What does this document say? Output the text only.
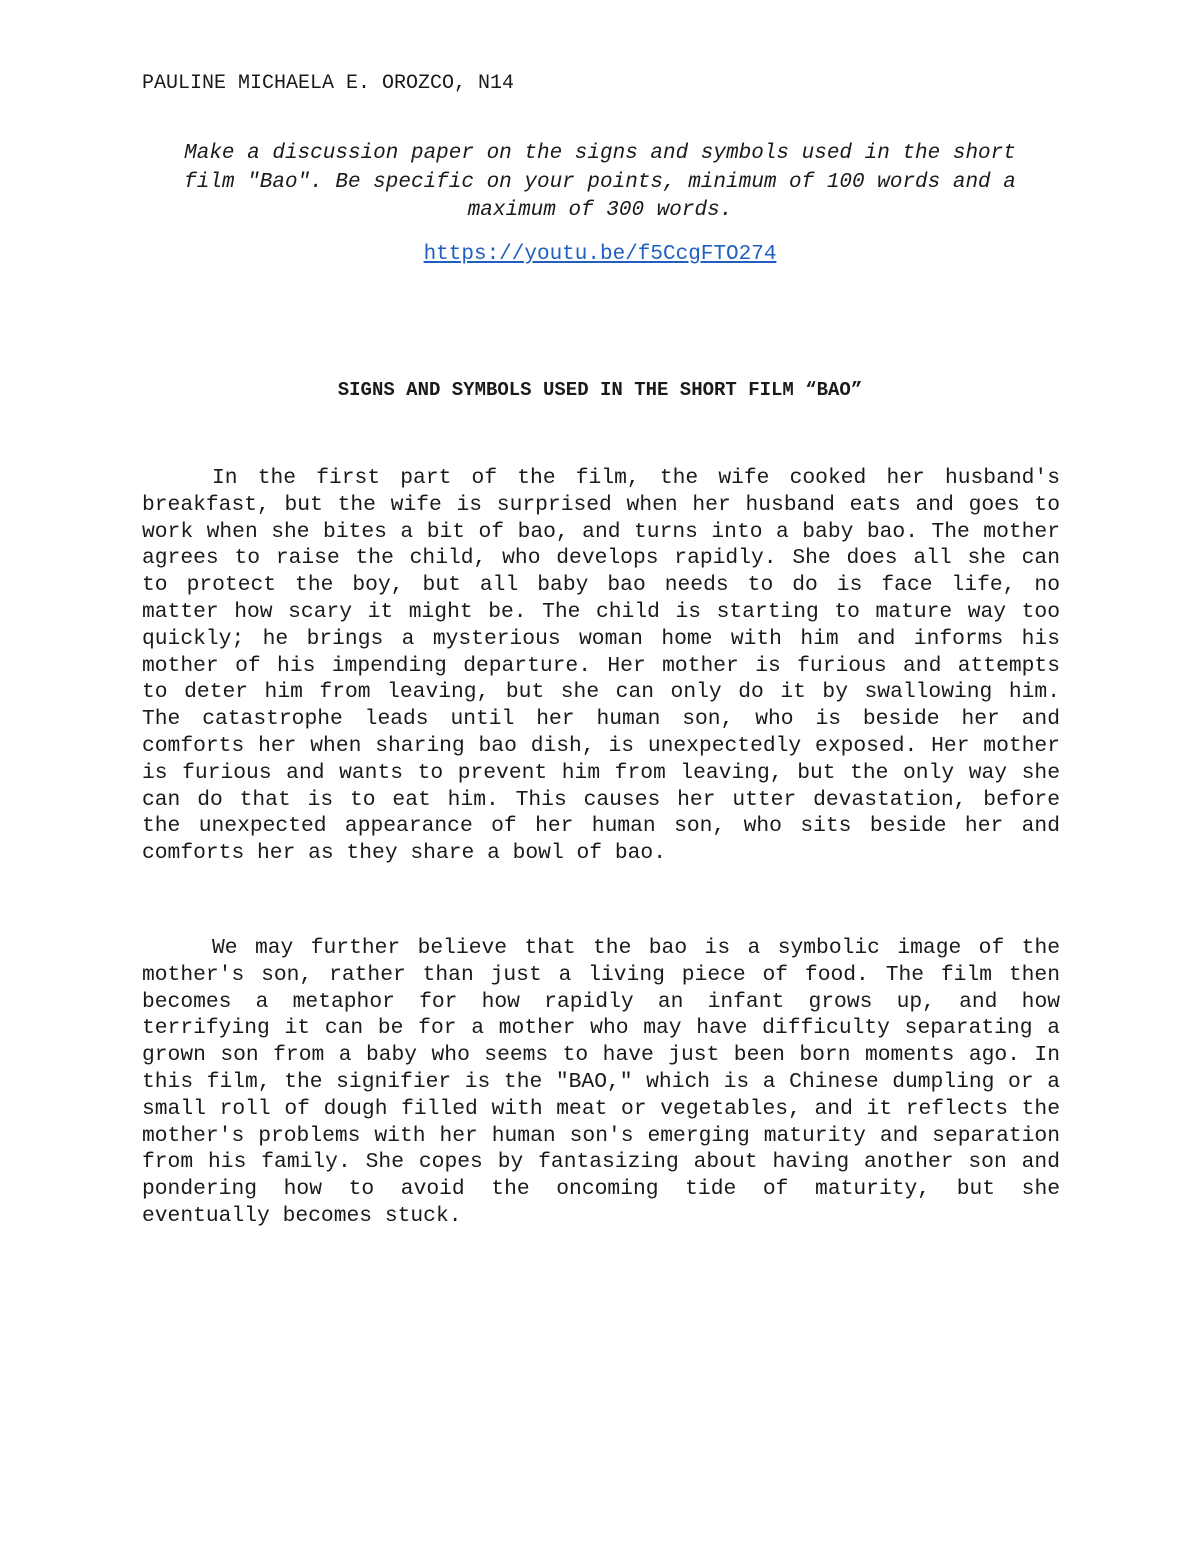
PAULINE MICHAELA E. OROZCO, N14
Make a discussion paper on the signs and symbols used in the short film "Bao". Be specific on your points, minimum of 100 words and a maximum of 300 words.
https://youtu.be/f5CcgFTO274
SIGNS AND SYMBOLS USED IN THE SHORT FILM “BAO”

In the first part of the film, the wife cooked her husband's breakfast, but the wife is surprised when her husband eats and goes to work when she bites a bit of bao, and turns into a baby bao. The mother agrees to raise the child, who develops rapidly. She does all she can to protect the boy, but all baby bao needs to do is face life, no matter how scary it might be. The child is starting to mature way too quickly; he brings a mysterious woman home with him and informs his mother of his impending departure. Her mother is furious and attempts to deter him from leaving, but she can only do it by swallowing him. The catastrophe leads until her human son, who is beside her and comforts her when sharing bao dish, is unexpectedly exposed. Her mother is furious and wants to prevent him from leaving, but the only way she can do that is to eat him. This causes her utter devastation, before the unexpected appearance of her human son, who sits beside her and comforts her as they share a bowl of bao.

We may further believe that the bao is a symbolic image of the mother's son, rather than just a living piece of food. The film then becomes a metaphor for how rapidly an infant grows up, and how terrifying it can be for a mother who may have difficulty separating a grown son from a baby who seems to have just been born moments ago. In this film, the signifier is the "BAO," which is a Chinese dumpling or a small roll of dough filled with meat or vegetables, and it reflects the mother's problems with her human son's emerging maturity and separation from his family. She copes by fantasizing about having another son and pondering how to avoid the oncoming tide of maturity, but she eventually becomes stuck.
